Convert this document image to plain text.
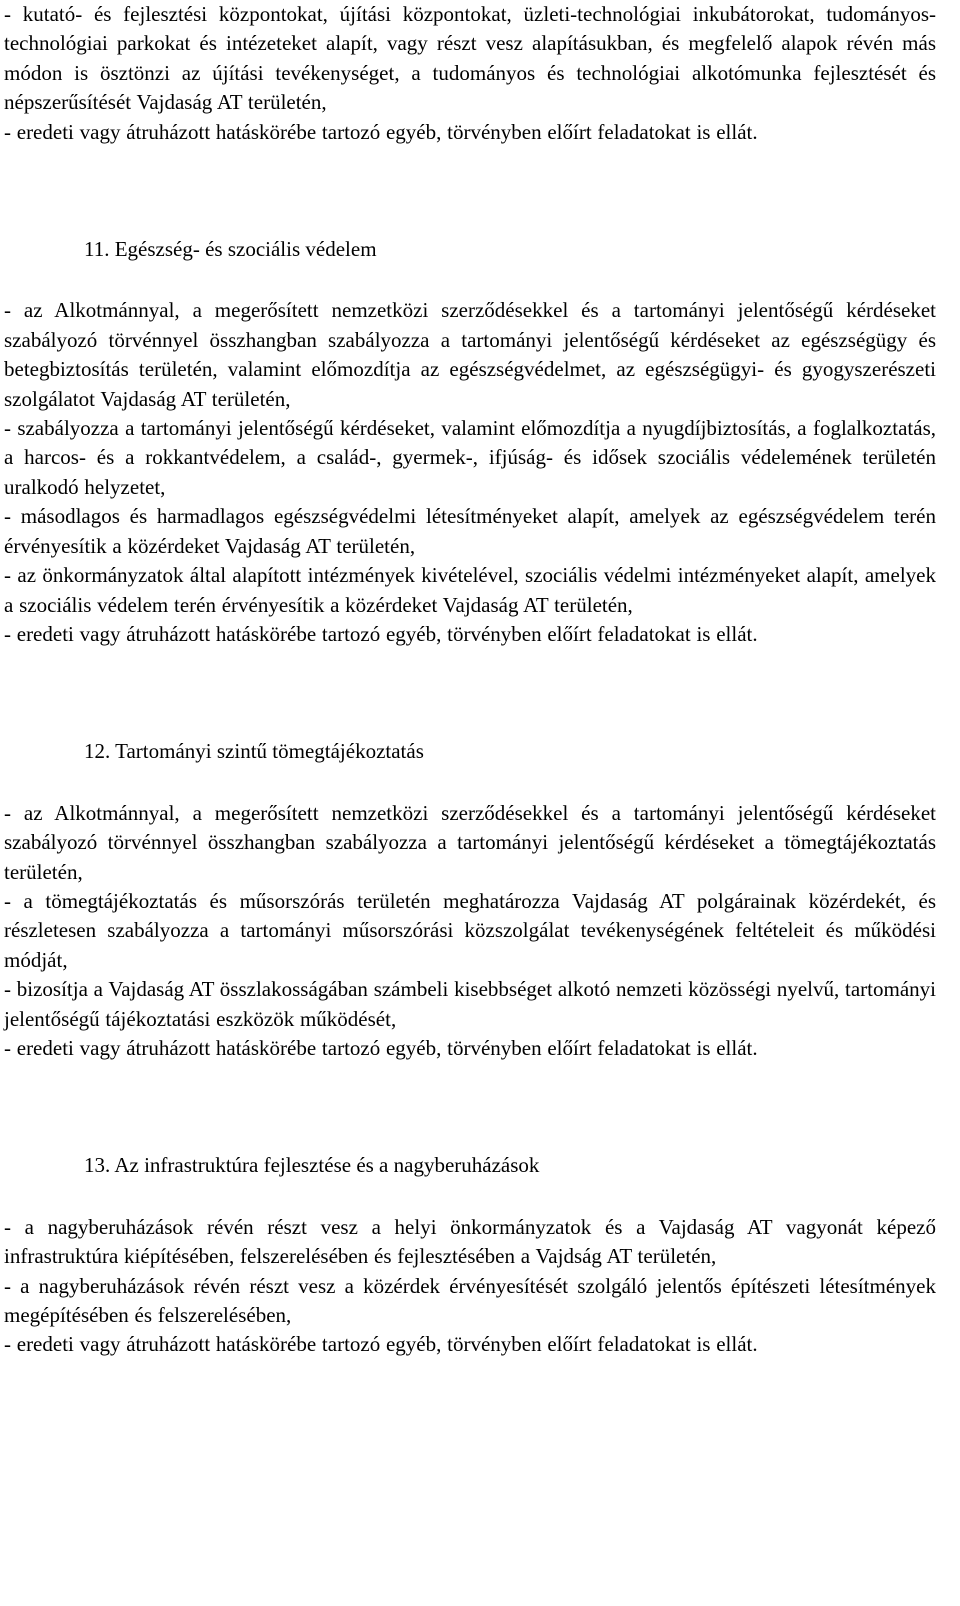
- kutató- és fejlesztési központokat, újítási központokat, üzleti-technológiai inkubátorokat, tudományos-technológiai parkokat és intézeteket alapít, vagy részt vesz alapításukban, és megfelelő alapok révén más módon is ösztönzi az újítási tevékenységet, a tudományos és technológiai alkotómunka fejlesztését és népszerűsítését Vajdaság AT területén,

- eredeti vagy átruházott hatáskörébe tartozó egyéb, törvényben előírt feladatokat is ellát.

11. Egészség- és szociális védelem

- az Alkotmánnyal, a megerősített nemzetközi szerződésekkel és a tartományi jelentőségű kérdéseket szabályozó törvénnyel összhangban szabályozza a tartományi jelentőségű kérdéseket az egészségügy és betegbiztosítás területén, valamint előmozdítja az egészségvédelmet, az egészségügyi- és gyogyszerészeti szolgálatot Vajdaság AT területén,

- szabályozza a tartományi jelentőségű kérdéseket, valamint előmozdítja a nyugdíjbiztosítás, a foglalkoztatás, a harcos- és a rokkantvédelem, a család-, gyermek-, ifjúság- és idősek szociális védelemének területén uralkodó helyzetet,

- másodlagos és harmadlagos egészségvédelmi létesítményeket alapít, amelyek az egészségvédelem terén érvényesítik a közérdeket Vajdaság AT területén,

- az önkormányzatok által alapított intézmények kivételével, szociális védelmi intézményeket alapít, amelyek a szociális védelem terén érvényesítik a közérdeket Vajdaság AT területén,

- eredeti vagy átruházott hatáskörébe tartozó egyéb, törvényben előírt feladatokat is ellát.

12. Tartományi szintű tömegtájékoztatás

- az Alkotmánnyal, a megerősített nemzetközi szerződésekkel és a tartományi jelentőségű kérdéseket szabályozó törvénnyel összhangban szabályozza a tartományi jelentőségű kérdéseket a tömegtájékoztatás területén,

- a tömegtájékoztatás és műsorszórás területén meghatározza Vajdaság AT polgárainak közérdekét, és részletesen szabályozza a tartományi műsorszórási közszolgálat tevékenységének feltételeit és működési módját,

- bizosítja a Vajdaság AT összlakosságában számbeli kisebbséget alkotó nemzeti közösségi nyelvű, tartományi jelentőségű tájékoztatási eszközök működését,

- eredeti vagy átruházott hatáskörébe tartozó egyéb, törvényben előírt feladatokat is ellát.

13. Az infrastruktúra fejlesztése és a nagyberuházások

- a nagyberuházások révén részt vesz a helyi önkormányzatok és a Vajdaság AT vagyonát képező infrastruktúra kiépítésében, felszerelésében és fejlesztésében a Vajdság AT területén,

- a nagyberuházások révén részt vesz a közérdek érvényesítését szolgáló jelentős építészeti létesítmények megépítésében és felszerelésében,

- eredeti vagy átruházott hatáskörébe tartozó egyéb, törvényben előírt feladatokat is ellát.
